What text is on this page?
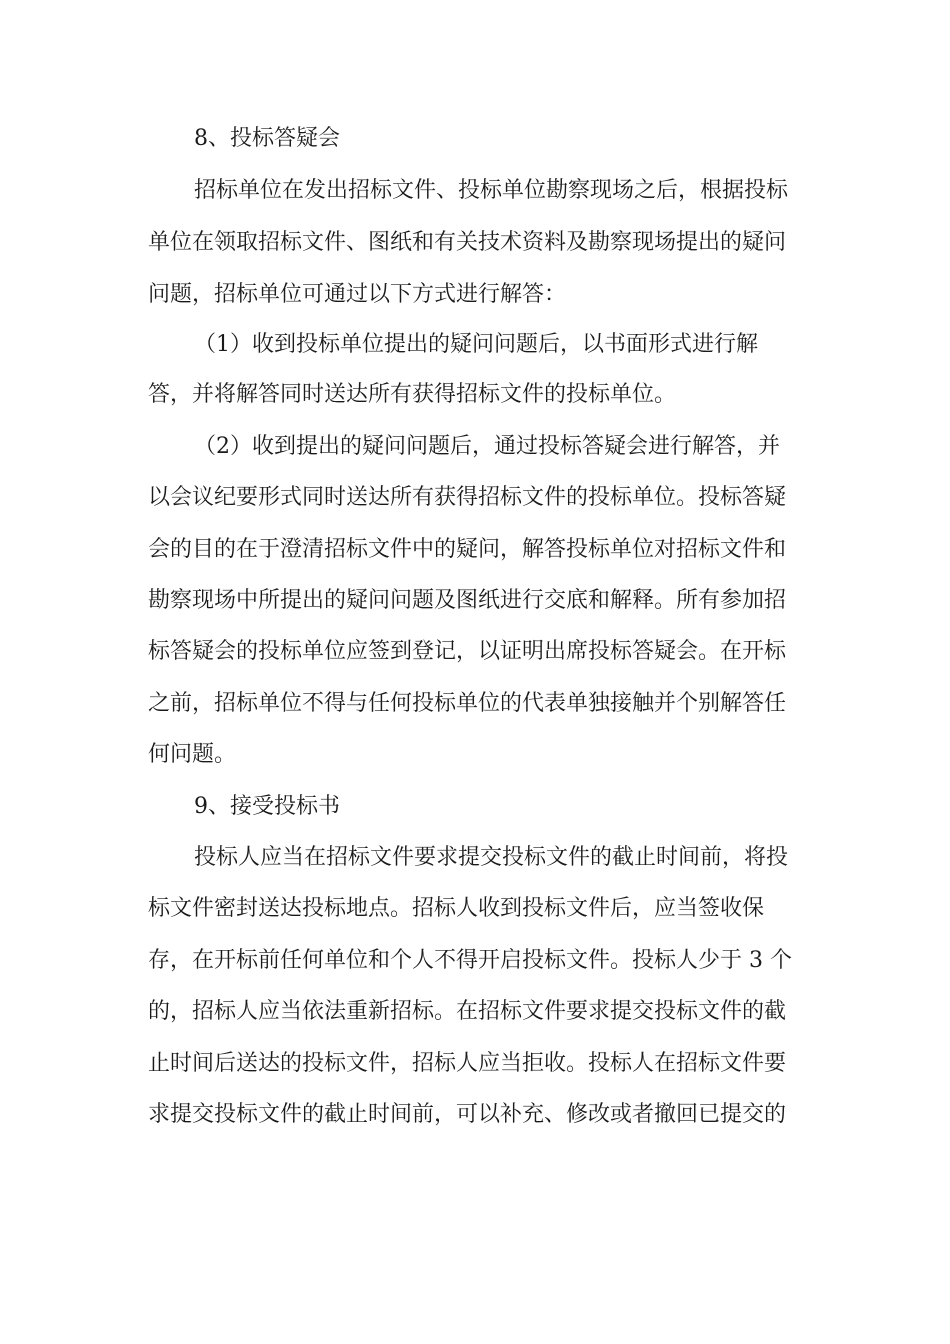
8、投标答疑会
招标单位在发出招标文件、投标单位勘察现场之后，根据投标
单位在领取招标文件、图纸和有关技术资料及勘察现场提出的疑问
问题，招标单位可通过以下方式进行解答：
（1）收到投标单位提出的疑问问题后，以书面形式进行解
答，并将解答同时送达所有获得招标文件的投标单位。
（2）收到提出的疑问问题后，通过投标答疑会进行解答，并
以会议纪要形式同时送达所有获得招标文件的投标单位。投标答疑
会的目的在于澄清招标文件中的疑问，解答投标单位对招标文件和
勘察现场中所提出的疑问问题及图纸进行交底和解释。所有参加招
标答疑会的投标单位应签到登记，以证明出席投标答疑会。在开标
之前，招标单位不得与任何投标单位的代表单独接触并个别解答任
何问题。
9、接受投标书
投标人应当在招标文件要求提交投标文件的截止时间前，将投
标文件密封送达投标地点。招标人收到投标文件后，应当签收保
存，在开标前任何单位和个人不得开启投标文件。投标人少于 3 个
的，招标人应当依法重新招标。在招标文件要求提交投标文件的截
止时间后送达的投标文件，招标人应当拒收。投标人在招标文件要
求提交投标文件的截止时间前，可以补充、修改或者撤回已提交的
